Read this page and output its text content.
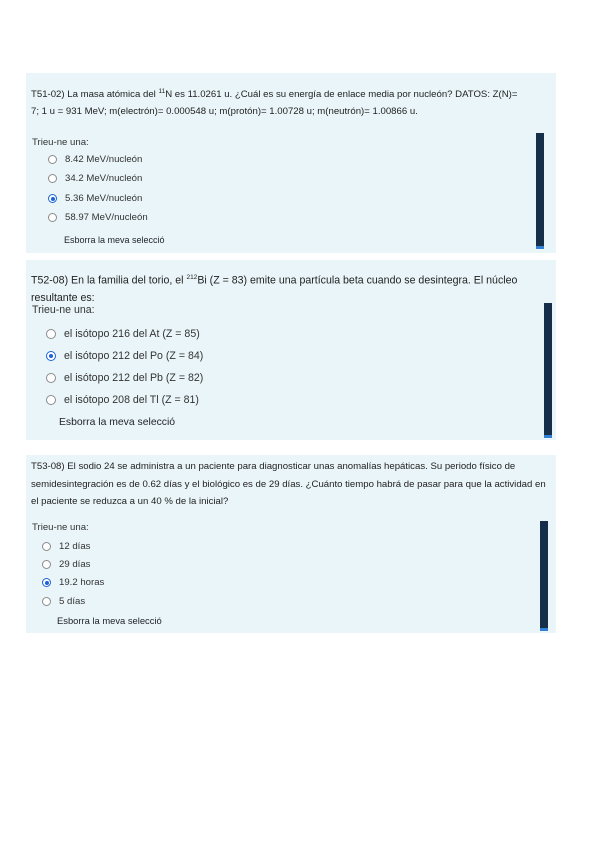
T51-02) La masa atómica del $^{11}$N es 11.0261 u. ¿Cuál es su energía de enlace media por nucleón? DATOS: Z(N)= 7; 1 u = 931 MeV; m(electrón)= 0.000548 u; m(protón)= 1.00728 u; m(neutrón)= 1.00866 u.
Trieu-ne una:
8.42 MeV/nucleón
34.2 MeV/nucleón
5.36 MeV/nucleón
58.97 MeV/nucleón
Esborra la meva selecció
T52-08) En la familia del torio, el $^{212}$Bi (Z = 83) emite una partícula beta cuando se desintegra. El núcleo resultante es:
Trieu-ne una:
el isótopo 216 del At (Z = 85)
el isótopo 212 del Po (Z = 84)
el isótopo 212 del Pb (Z = 82)
el isótopo 208 del Tl (Z = 81)
Esborra la meva selecció
T53-08) El sodio 24 se administra a un paciente para diagnosticar unas anomalías hepáticas. Su periodo físico de semidesintegración es de 0.62 días y el biológico es de 29 días. ¿Cuánto tiempo habrá de pasar para que la actividad en el paciente se reduzca a un 40 % de la inicial?
Trieu-ne una:
12 días
29 días
19.2 horas
5 días
Esborra la meva selecció
